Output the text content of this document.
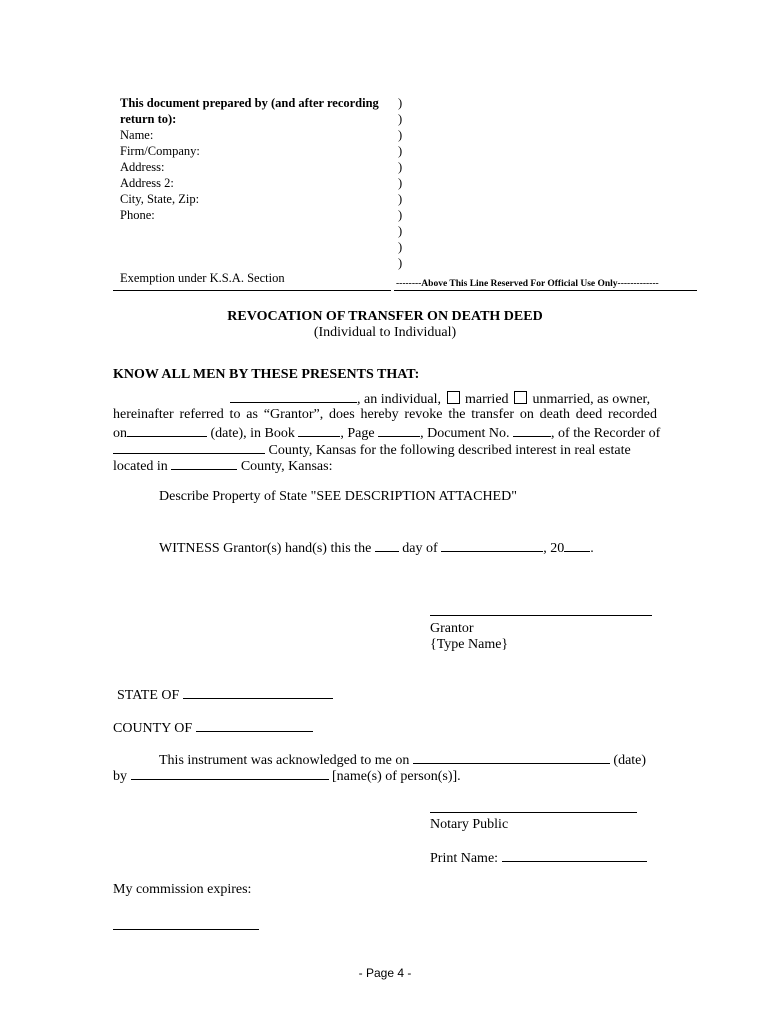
This document prepared by (and after recording
return to):
Name:
Firm/Company:
Address:
Address 2:
City, State, Zip:
Phone:
)
)
)
)
)
)
)
)
)
)
)
Exemption under K.S.A. Section	--------Above This Line Reserved For Official Use Only-------------
REVOCATION OF TRANSFER ON DEATH DEED
(Individual to Individual)
KNOW ALL MEN BY THESE PRESENTS THAT:
, an individual, married unmarried, as owner,
hereinafter referred to as “Grantor”, does hereby revoke the transfer on death deed recorded
on	(date), in Book	, Page	, Document No.	, of the Recorder of
County, Kansas for the following described interest in real estate
located in	County, Kansas:
Describe Property of State "SEE DESCRIPTION ATTACHED"
WITNESS Grantor(s) hand(s) this the day of	, 20 .
Grantor
{Type Name}
STATE OF
COUNTY OF
This instrument was acknowledged to me on	(date)
by	[name(s) of person(s)].
Notary Public
Print Name:
My commission expires:
- Page 4 -
